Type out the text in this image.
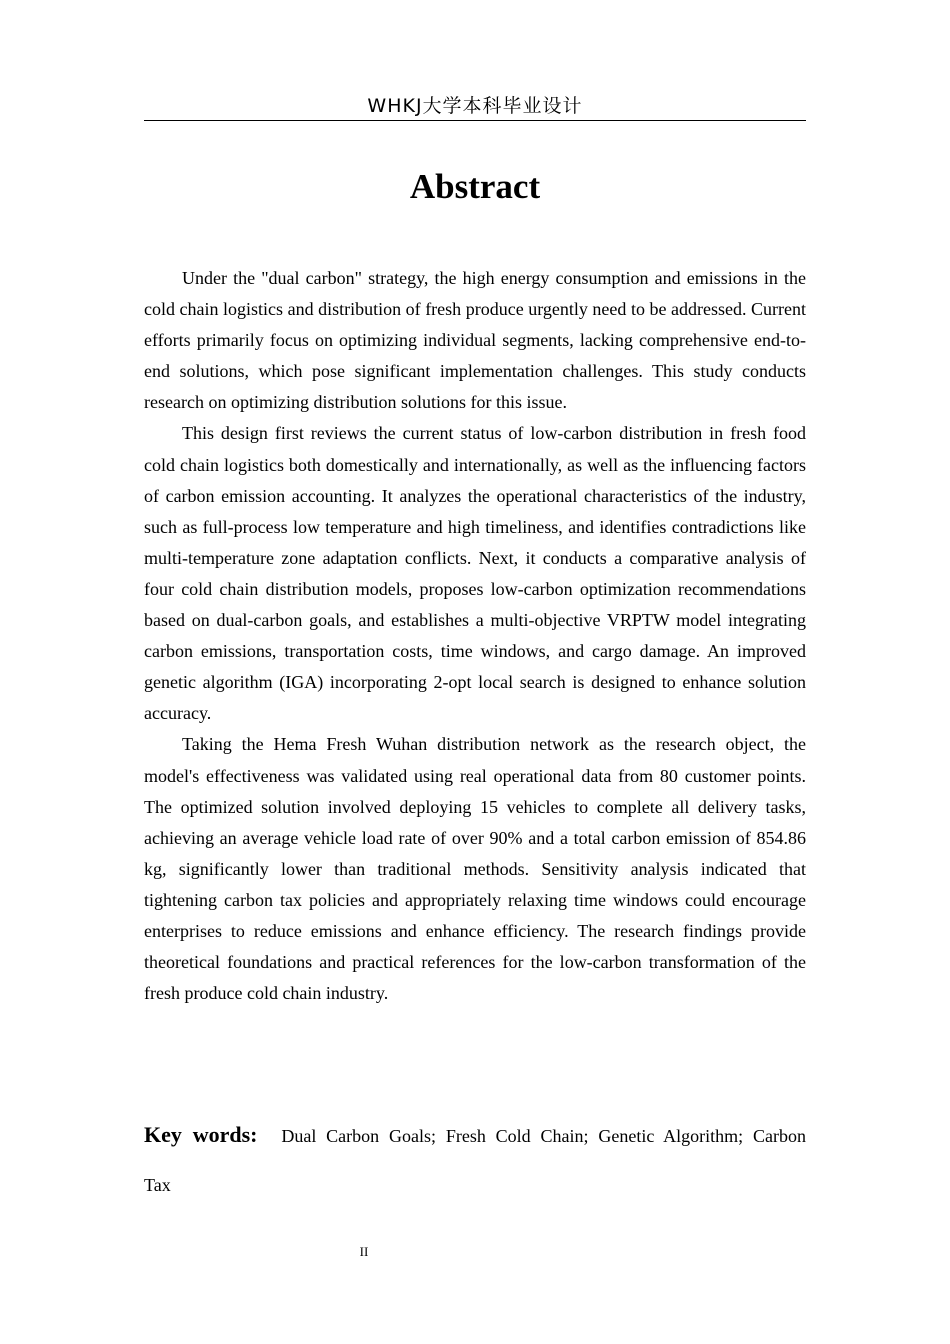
WHKJ大学本科毕业设计
Abstract

Under the "dual carbon" strategy, the high energy consumption and emissions in the cold chain logistics and distribution of fresh produce urgently need to be addressed. Current efforts primarily focus on optimizing individual segments, lacking comprehensive end-to-end solutions, which pose significant implementation challenges. This study conducts research on optimizing distribution solutions for this issue.

This design first reviews the current status of low-carbon distribution in fresh food cold chain logistics both domestically and internationally, as well as the influencing factors of carbon emission accounting. It analyzes the operational characteristics of the industry, such as full-process low temperature and high timeliness, and identifies contradictions like multi-temperature zone adaptation conflicts. Next, it conducts a comparative analysis of four cold chain distribution models, proposes low-carbon optimization recommendations based on dual-carbon goals, and establishes a multi-objective VRPTW model integrating carbon emissions, transportation costs, time windows, and cargo damage. An improved genetic algorithm (IGA) incorporating 2-opt local search is designed to enhance solution accuracy.

Taking the Hema Fresh Wuhan distribution network as the research object, the model's effectiveness was validated using real operational data from 80 customer points. The optimized solution involved deploying 15 vehicles to complete all delivery tasks, achieving an average vehicle load rate of over 90% and a total carbon emission of 854.86 kg, significantly lower than traditional methods. Sensitivity analysis indicated that tightening carbon tax policies and appropriately relaxing time windows could encourage enterprises to reduce emissions and enhance efficiency. The research findings provide theoretical foundations and practical references for the low-carbon transformation of the fresh produce cold chain industry.

Key words: Dual Carbon Goals; Fresh Cold Chain; Genetic Algorithm; Carbon Tax
II
